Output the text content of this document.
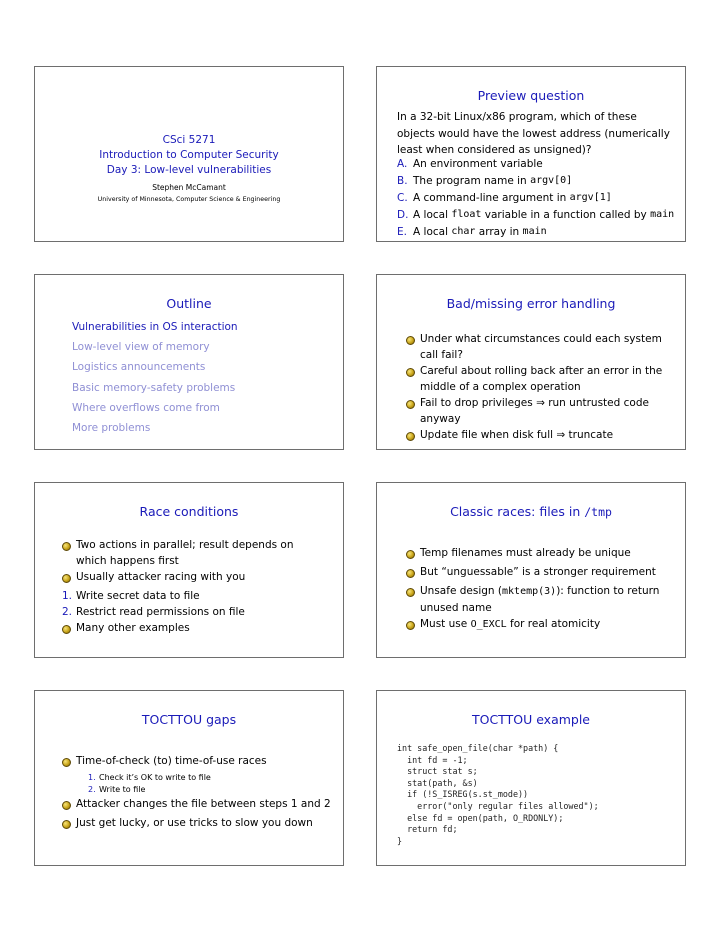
CSci 5271
Introduction to Computer Security
Day 3: Low-level vulnerabilities
Stephen McCamant
University of Minnesota, Computer Science & Engineering
Preview question
In a 32-bit Linux/x86 program, which of these objects would have the lowest address (numerically least when considered as unsigned)?
A. An environment variable
B. The program name in argv[0]
C. A command-line argument in argv[1]
D. A local float variable in a function called by main
E. A local char array in main
Outline
Vulnerabilities in OS interaction
Low-level view of memory
Logistics announcements
Basic memory-safety problems
Where overflows come from
More problems
Bad/missing error handling
Under what circumstances could each system call fail?
Careful about rolling back after an error in the middle of a complex operation
Fail to drop privileges ⇒ run untrusted code anyway
Update file when disk full ⇒ truncate
Race conditions
Two actions in parallel; result depends on which happens first
Usually attacker racing with you
1. Write secret data to file
2. Restrict read permissions on file
Many other examples
Classic races: files in /tmp
Temp filenames must already be unique
But “unguessable” is a stronger requirement
Unsafe design (mktemp(3)): function to return unused name
Must use O_EXCL for real atomicity
TOCTTOU gaps
Time-of-check (to) time-of-use races
1. Check it’s OK to write to file
2. Write to file
Attacker changes the file between steps 1 and 2
Just get lucky, or use tricks to slow you down
TOCTTOU example
int safe_open_file(char *path) {
int fd = -1;
struct stat s;
stat(path, &s)
if (!S_ISREG(s.st_mode))
error("only regular files allowed");
else fd = open(path, O_RDONLY);
return fd;
}
